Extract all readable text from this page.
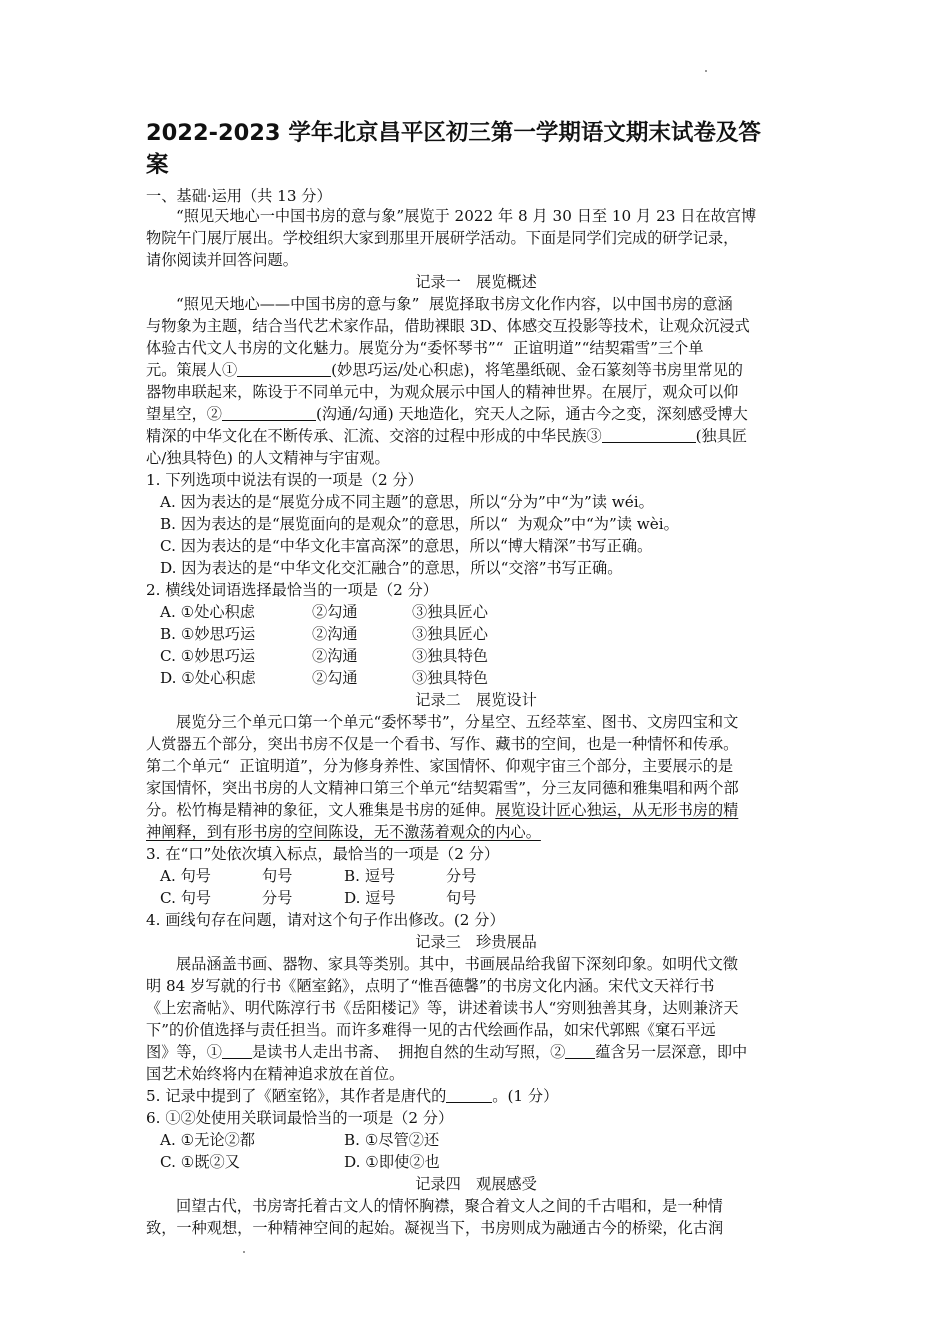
2022-2023 学年北京昌平区初三第一学期语文期末试卷及答
案
一、基础·运用（共 13 分）
“照见天地心一中国书房的意与象”展览于 2022 年 8 月 30 日至 10 月 23 日在故宫博
物院午门展厅展出。学校组织大家到那里开展研学活动。下面是同学们完成的研学记录，
请你阅读并回答问题。
记录一　展览概述
“照见天地心——中国书房的意与象”  展览择取书房文化作内容，以中国书房的意涵
与物象为主题，结合当代艺术家作品，借助裸眼 3D、体感交互投影等技术，让观众沉浸式
体验古代文人书房的文化魅力。展览分为“委怀琴书”“  正谊明道”“结契霜雪”三个单
元。策展人①	(妙思巧运/处心积虑)，将笔墨纸砚、金石篆刻等书房里常见的
器物串联起来，陈设于不同单元中，为观众展示中国人的精神世界。在展厅，观众可以仰
望星空，②	(沟通/勾通) 天地造化，究天人之际，通古今之变，深刻感受博大
精深的中华文化在不断传承、汇流、交溶的过程中形成的中华民族③	(独具匠
心/独具特色) 的人文精神与宇宙观。
1. 下列选项中说法有误的一项是（2 分）
A. 因为表达的是“展览分成不同主题”的意思，所以“分为”中“为”读 wéi。
B. 因为表达的是“展览面向的是观众”的意思，所以“  为观众”中“为”读 wèi。
C. 因为表达的是“中华文化丰富高深”的意思，所以“博大精深”书写正确。
D. 因为表达的是“中华文化交汇融合”的意思，所以“交溶”书写正确。
2. 横线处词语选择最恰当的一项是（2 分）
A. ①处心积虑	②勾通	③独具匠心
B. ①妙思巧运	②沟通	③独具匠心
C. ①妙思巧运	②沟通	③独具特色
D. ①处心积虑	②勾通	③独具特色
记录二　展览设计
展览分三个单元口第一个单元“委怀琴书”，分星空、五经萃室、图书、文房四宝和文
人赏器五个部分，突出书房不仅是一个看书、写作、藏书的空间，也是一种情怀和传承。
第二个单元“  正谊明道”，分为修身养性、家国情怀、仰观宇宙三个部分，主要展示的是
家国情怀，突出书房的人文精神口第三个单元“结契霜雪”，分三友同德和雅集唱和两个部
分。松竹梅是精神的象征，文人雅集是书房的延伸。展览设计匠心独运，从无形书房的精
神阐释，到有形书房的空间陈设，无不激荡着观众的内心。
3. 在“口”处依次填入标点，最恰当的一项是（2 分）
A. 句号	句号	B. 逗号	分号
C. 句号	分号	D. 逗号	句号
4. 画线句存在问题，请对这个句子作出修改。(2 分）
记录三　珍贵展品
展品涵盖书画、器物、家具等类别。其中，书画展品给我留下深刻印象。如明代文徵
明 84 岁写就的行书《陋室銘》，点明了“惟吾德馨”的书房文化内涵。宋代文天祥行书
《上宏斋帖》、明代陈淳行书《岳阳楼记》等，讲述着读书人“穷则独善其身，达则兼济天
下”的价值选择与责任担当。而许多难得一见的古代绘画作品，如宋代郭熙《窠石平远
图》等，① 是读书人走出书斋、  拥抱自然的生动写照，② 蕴含另一层深意，即中
国艺术始终将内在精神追求放在首位。
5. 记录中提到了《陋室铭》，其作者是唐代的	。(1 分）
6. ①②处使用关联词最恰当的一项是（2 分）
A. ①无论②都	B. ①尽管②还
C. ①既②又	D. ①即使②也
记录四　观展感受
回望古代，书房寄托着古文人的情怀胸襟，聚合着文人之间的千古唱和，是一种情
致，一种观想，一种精神空间的起始。凝视当下，书房则成为融通古今的桥梁，化古润
